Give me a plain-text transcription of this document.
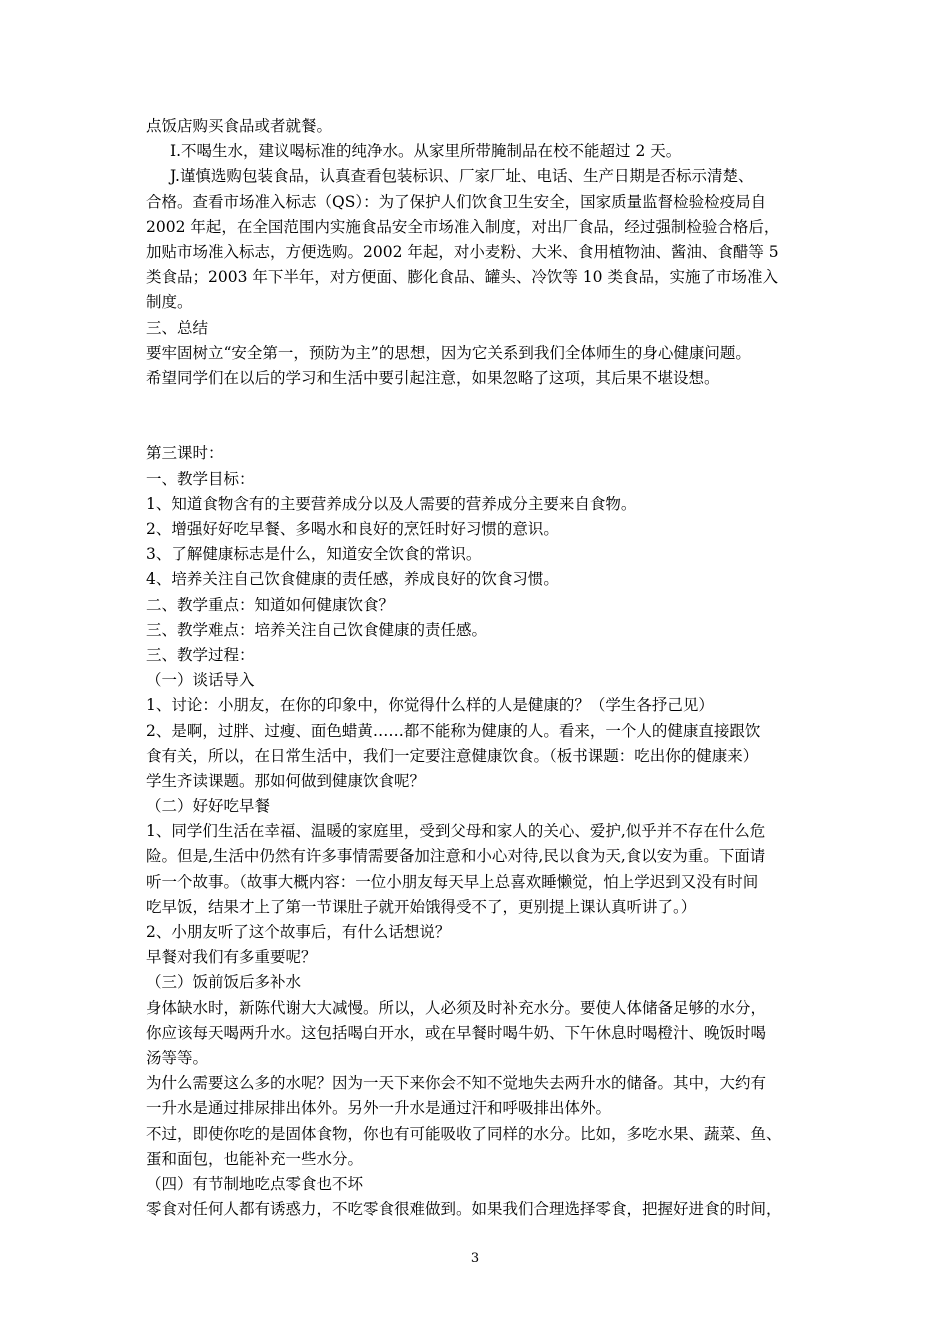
点饭店购买食品或者就餐。
I.不喝生水，建议喝标准的纯净水。从家里所带腌制品在校不能超过 2 天。
J.谨慎选购包装食品，认真查看包装标识、厂家厂址、电话、生产日期是否标示清楚、
合格。查看市场准入标志（QS）：为了保护人们饮食卫生安全，国家质量监督检验检疫局自
2002 年起，在全国范围内实施食品安全市场准入制度，对出厂食品，经过强制检验合格后，
加贴市场准入标志，方便选购。2002 年起，对小麦粉、大米、食用植物油、酱油、食醋等 5
类食品；2003 年下半年，对方便面、膨化食品、罐头、冷饮等 10 类食品，实施了市场准入
制度。
三、总结
要牢固树立“安全第一，预防为主”的思想，因为它关系到我们全体师生的身心健康问题。
希望同学们在以后的学习和生活中要引起注意，如果忽略了这项，其后果不堪设想。
第三课时：
一、教学目标：
1、知道食物含有的主要营养成分以及人需要的营养成分主要来自食物。
2、增强好好吃早餐、多喝水和良好的烹饪时好习惯的意识。
3、了解健康标志是什么，知道安全饮食的常识。
4、培养关注自己饮食健康的责任感，养成良好的饮食习惯。
二、教学重点：知道如何健康饮食？
三、教学难点：培养关注自己饮食健康的责任感。
三、教学过程：
（一）谈话导入
1、讨论：小朋友，在你的印象中，你觉得什么样的人是健康的？（学生各抒己见）
2、是啊，过胖、过瘦、面色蜡黄……都不能称为健康的人。看来，一个人的健康直接跟饮
食有关，所以，在日常生活中，我们一定要注意健康饮食。（板书课题：吃出你的健康来）
学生齐读课题。那如何做到健康饮食呢？
（二）好好吃早餐
1、同学们生活在幸福、温暖的家庭里，受到父母和家人的关心、爱护,似乎并不存在什么危
险。但是,生活中仍然有许多事情需要备加注意和小心对待,民以食为天,食以安为重。下面请
听一个故事。（故事大概内容：一位小朋友每天早上总喜欢睡懒觉，怕上学迟到又没有时间
吃早饭，结果才上了第一节课肚子就开始饿得受不了，更别提上课认真听讲了。）
2、小朋友听了这个故事后，有什么话想说？
早餐对我们有多重要呢？
（三）饭前饭后多补水
身体缺水时，新陈代谢大大减慢。所以，人必须及时补充水分。要使人体储备足够的水分，
你应该每天喝两升水。这包括喝白开水，或在早餐时喝牛奶、下午休息时喝橙汁、晚饭时喝
汤等等。
为什么需要这么多的水呢？因为一天下来你会不知不觉地失去两升水的储备。其中，大约有
一升水是通过排尿排出体外。另外一升水是通过汗和呼吸排出体外。
不过，即使你吃的是固体食物，你也有可能吸收了同样的水分。比如，多吃水果、蔬菜、鱼、
蛋和面包，也能补充一些水分。
（四）有节制地吃点零食也不坏
零食对任何人都有诱惑力，不吃零食很难做到。如果我们合理选择零食，把握好进食的时间，
3
